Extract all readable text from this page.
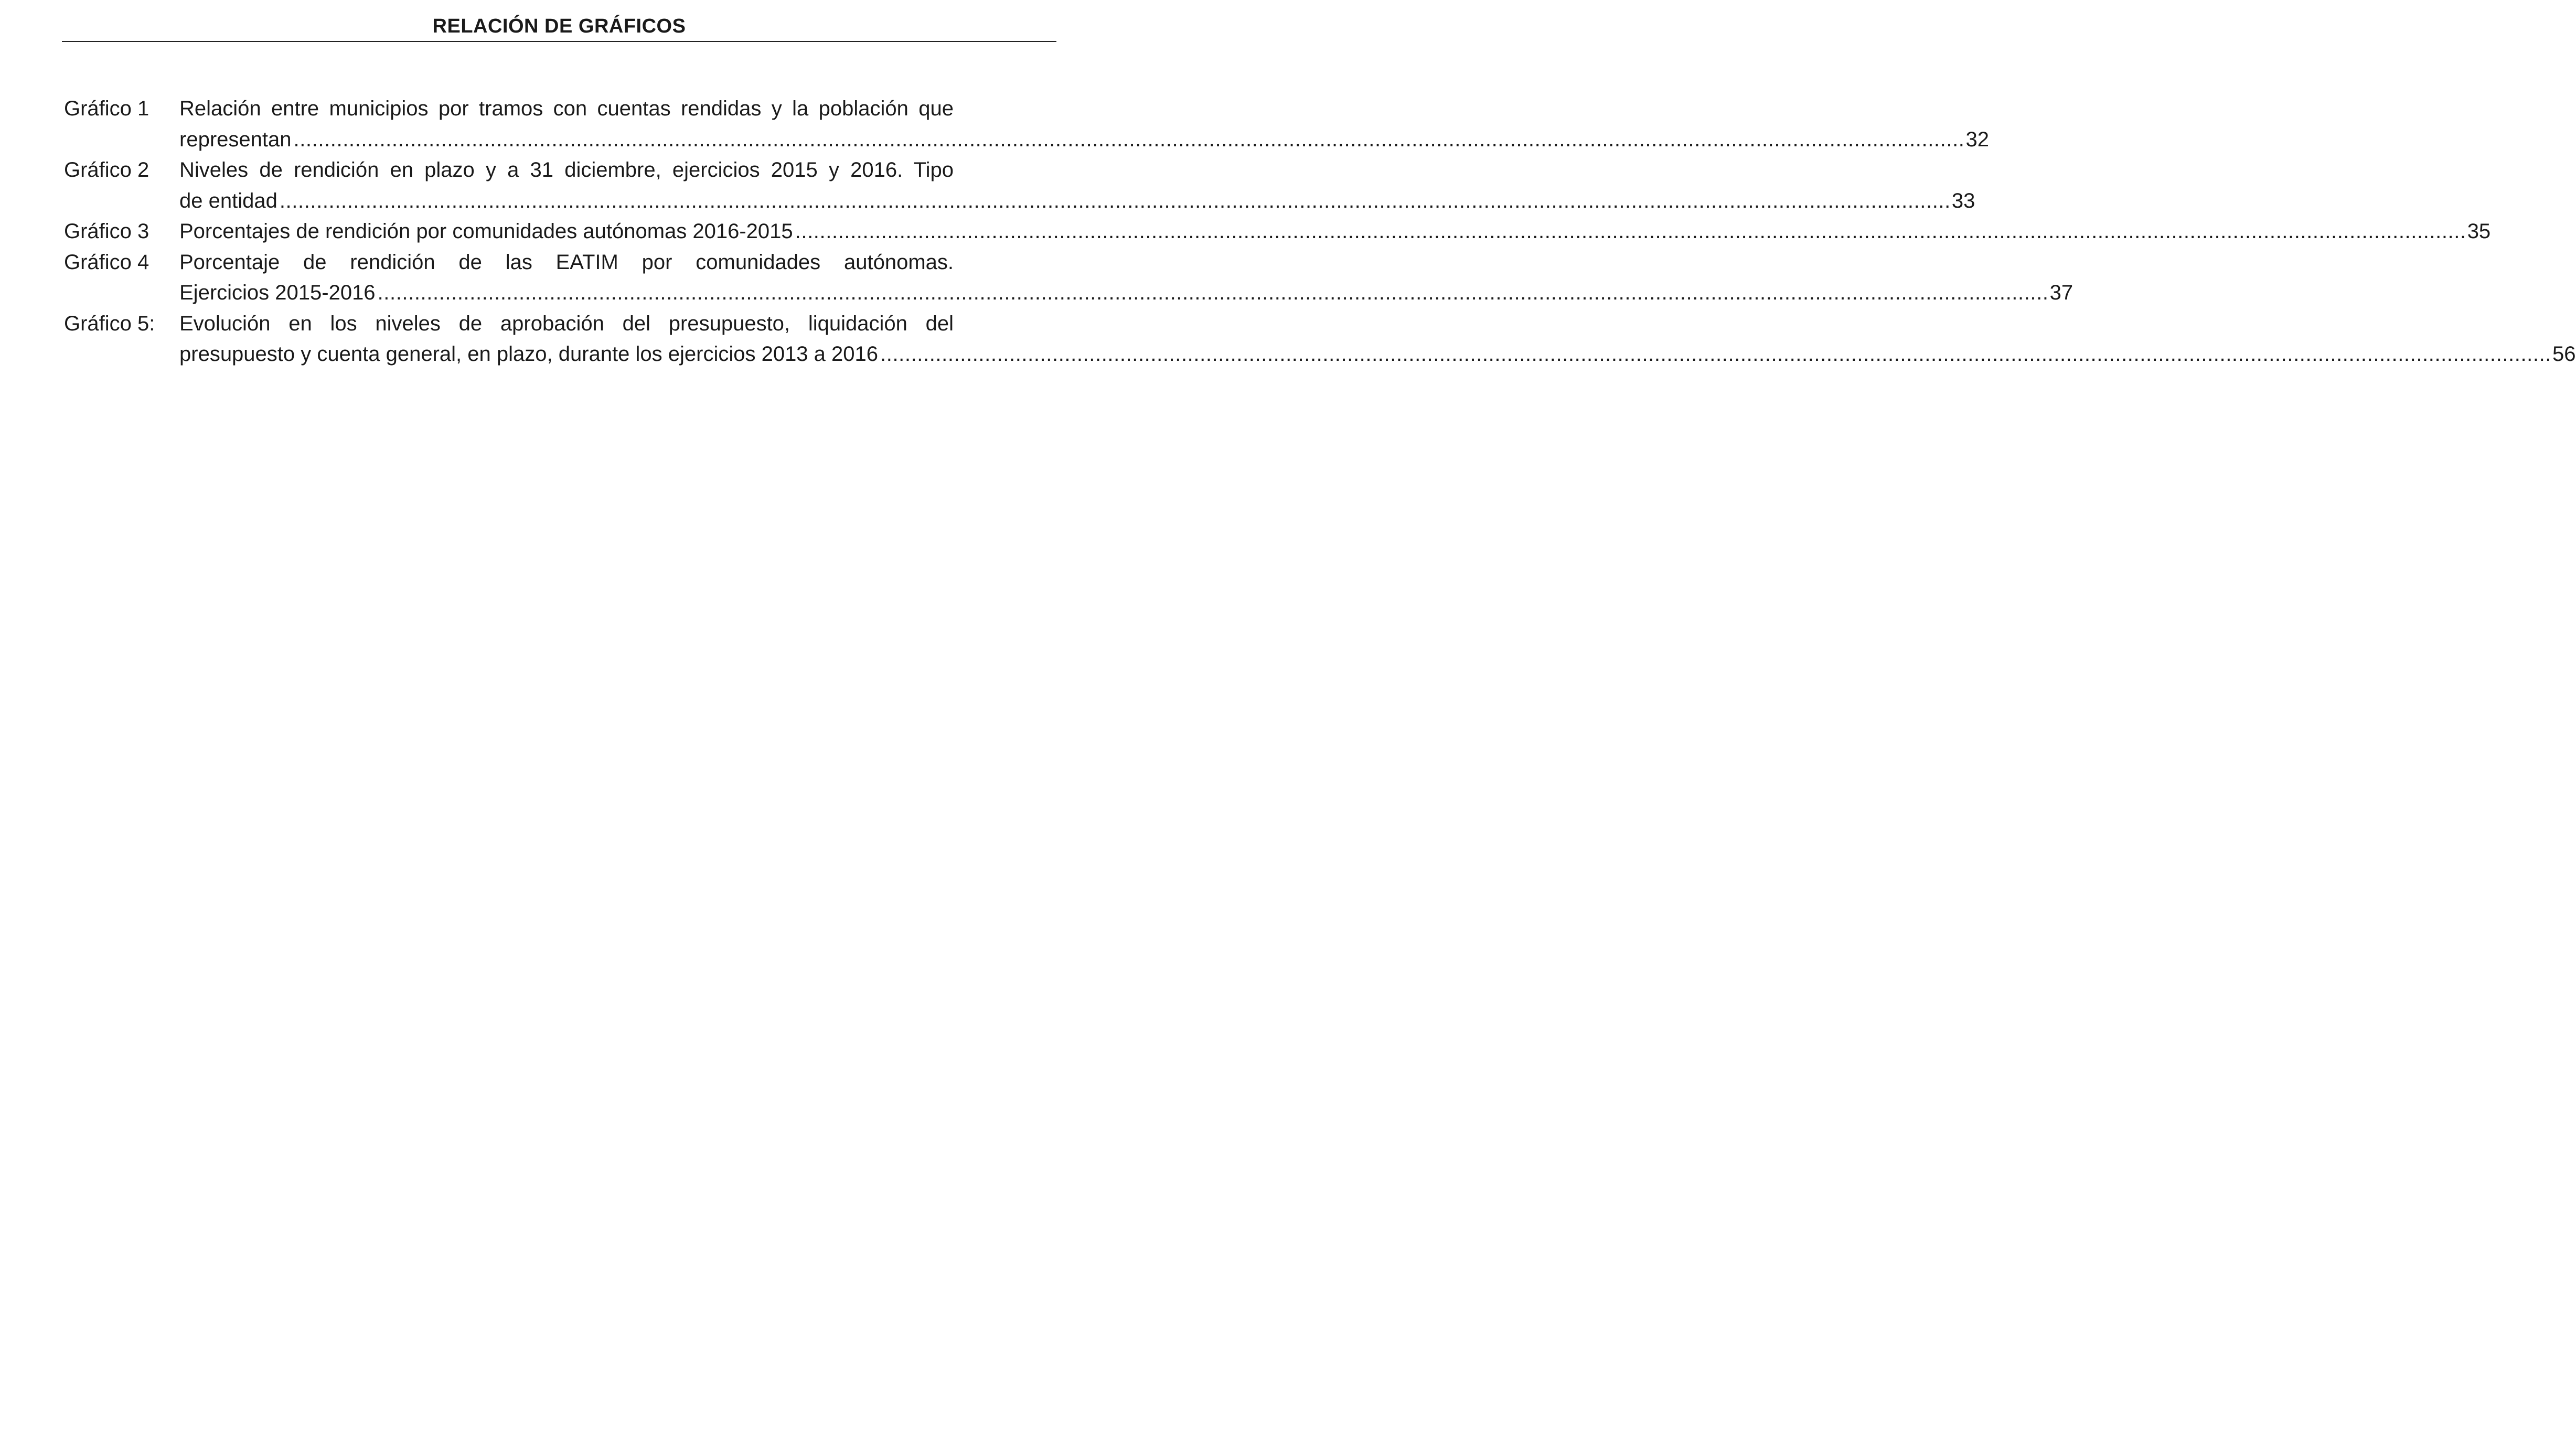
RELACIÓN DE GRÁFICOS
Gráfico 1 Relación entre municipios por tramos con cuentas rendidas y la población que
representan ................................................................................................................................................................................................................................................................................ 32
Gráfico 2 Niveles de rendición en plazo y a 31 diciembre, ejercicios 2015 y 2016. Tipo
de entidad ................................................................................................................................................................................................................................................................................ 33
Gráfico 3 Porcentajes de rendición por comunidades autónomas 2016-2015 ................................................................................................................................................................................................................................................................................ 35
Gráfico 4 Porcentaje de rendición de las EATIM por comunidades autónomas.
Ejercicios 2015-2016 ................................................................................................................................................................................................................................................................................ 37
Gráfico 5: Evolución en los niveles de aprobación del presupuesto, liquidación del
presupuesto y cuenta general, en plazo, durante los ejercicios 2013 a 2016 ................................................................................................................................................................................................................................................................................ 56
